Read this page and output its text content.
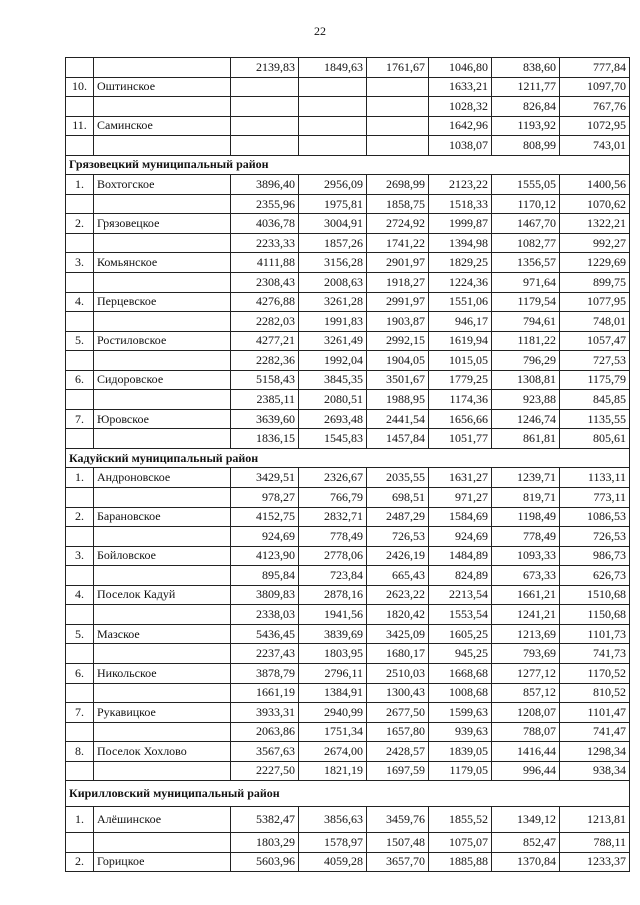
22
		2139,83	1849,63	1761,67	1046,80	838,60	777,84
10.	Оштинское				1633,21	1211,77	1097,70
					1028,32	826,84	767,76
11.	Саминское				1642,96	1193,92	1072,95
					1038,07	808,99	743,01
Грязовецкий муниципальный район							
1.	Вохтогское	3896,40	2956,09	2698,99	2123,22	1555,05	1400,56
		2355,96	1975,81	1858,75	1518,33	1170,12	1070,62
2.	Грязовецкое	4036,78	3004,91	2724,92	1999,87	1467,70	1322,21
		2233,33	1857,26	1741,22	1394,98	1082,77	992,27
3.	Комьянское	4111,88	3156,28	2901,97	1829,25	1356,57	1229,69
		2308,43	2008,63	1918,27	1224,36	971,64	899,75
4.	Перцевское	4276,88	3261,28	2991,97	1551,06	1179,54	1077,95
		2282,03	1991,83	1903,87	946,17	794,61	748,01
5.	Ростиловское	4277,21	3261,49	2992,15	1619,94	1181,22	1057,47
		2282,36	1992,04	1904,05	1015,05	796,29	727,53
6.	Сидоровское	5158,43	3845,35	3501,67	1779,25	1308,81	1175,79
		2385,11	2080,51	1988,95	1174,36	923,88	845,85
7.	Юровское	3639,60	2693,48	2441,54	1656,66	1246,74	1135,55
		1836,15	1545,83	1457,84	1051,77	861,81	805,61
Кадуйский муниципальный район							
1.	Андроновское	3429,51	2326,67	2035,55	1631,27	1239,71	1133,11
		978,27	766,79	698,51	971,27	819,71	773,11
2.	Барановское	4152,75	2832,71	2487,29	1584,69	1198,49	1086,53
		924,69	778,49	726,53	924,69	778,49	726,53
3.	Бойловское	4123,90	2778,06	2426,19	1484,89	1093,33	986,73
		895,84	723,84	665,43	824,89	673,33	626,73
4.	Поселок Кадуй	3809,83	2878,16	2623,22	2213,54	1661,21	1510,68
		2338,03	1941,56	1820,42	1553,54	1241,21	1150,68
5.	Мазское	5436,45	3839,69	3425,09	1605,25	1213,69	1101,73
		2237,43	1803,95	1680,17	945,25	793,69	741,73
6.	Никольское	3878,79	2796,11	2510,03	1668,68	1277,12	1170,52
		1661,19	1384,91	1300,43	1008,68	857,12	810,52
7.	Рукавицкое	3933,31	2940,99	2677,50	1599,63	1208,07	1101,47
		2063,86	1751,34	1657,80	939,63	788,07	741,47
8.	Поселок Хохлово	3567,63	2674,00	2428,57	1839,05	1416,44	1298,34
		2227,50	1821,19	1697,59	1179,05	996,44	938,34
Кирилловский муниципальный район							
1.	Алёшинское	5382,47	3856,63	3459,76	1855,52	1349,12	1213,81
		1803,29	1578,97	1507,48	1075,07	852,47	788,11
2.	Горицкое	5603,96	4059,28	3657,70	1885,88	1370,84	1233,37
